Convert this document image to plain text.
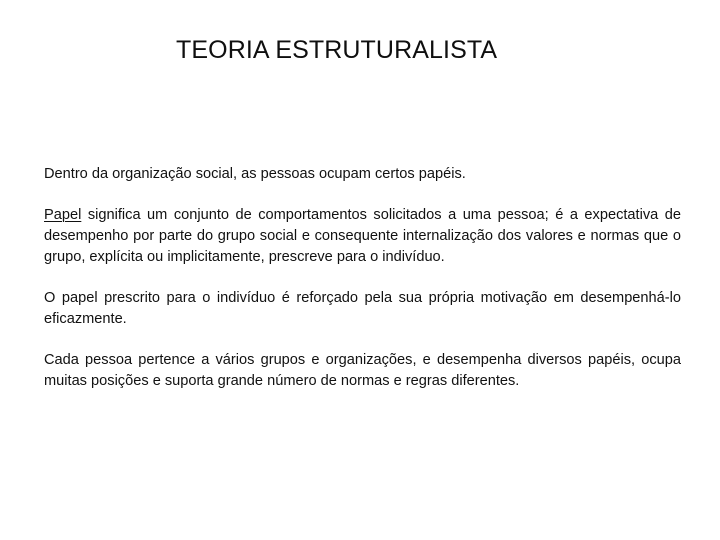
TEORIA ESTRUTURALISTA

Dentro da organização social, as pessoas ocupam certos papéis.

Papel significa um conjunto de comportamentos solicitados a uma pessoa; é a expectativa de desempenho por parte do grupo social e consequente internalização dos valores e normas que o grupo, explícita ou implicitamente, prescreve para o indivíduo.

O papel prescrito para o indivíduo é reforçado pela sua própria motivação em desempenhá-lo eficazmente.

Cada pessoa pertence a vários grupos e organizações, e desempenha diversos papéis, ocupa muitas posições e suporta grande número de normas e regras diferentes.
